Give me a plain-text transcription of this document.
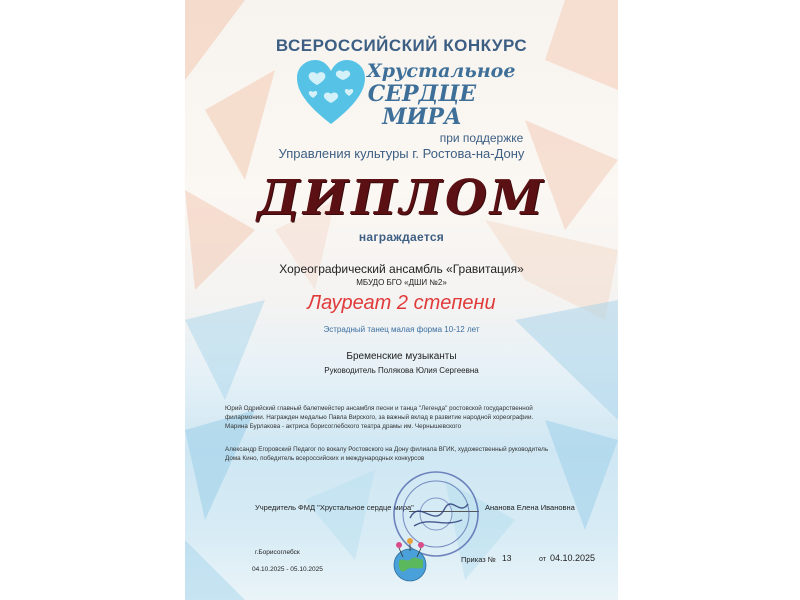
ВСЕРОССИЙСКИЙ КОНКУРС
Хрустальное
СЕРДЦЕ
МИРА
при поддержке
Управления культуры г. Ростова-на-Дону
ДИПЛОМ
награждается
Хореографический ансамбль «Гравитация»
МБУДО БГО «ДШИ №2»
Лауреат 2 степени
Эстрадный танец малая форма 10-12 лет
Бременские музыканты
Руководитель Полякова Юлия Сергеевна
Юрий Одрийский главный балетмейстер ансамбля песни и танца "Легенда" ростовской государственной филармонии. Награжден медалью Павла Вирского, за важный вклад в развитие народной хореографии. Марина Бурлакова - актриса борисоглебского театра драмы им. Чернышевского
Александр Егоровский Педагог по вокалу Ростовского на Дону филиала ВГИК, художественный руководитель Дома Кино, победитель всероссийских и международных конкурсов
Учредитель ФМД "Хрустальное сердце мира"	Ананова Елена Ивановна
г.Борисоглебск
04.10.2025 - 05.10.2025
Приказ № 13	от 04.10.2025
